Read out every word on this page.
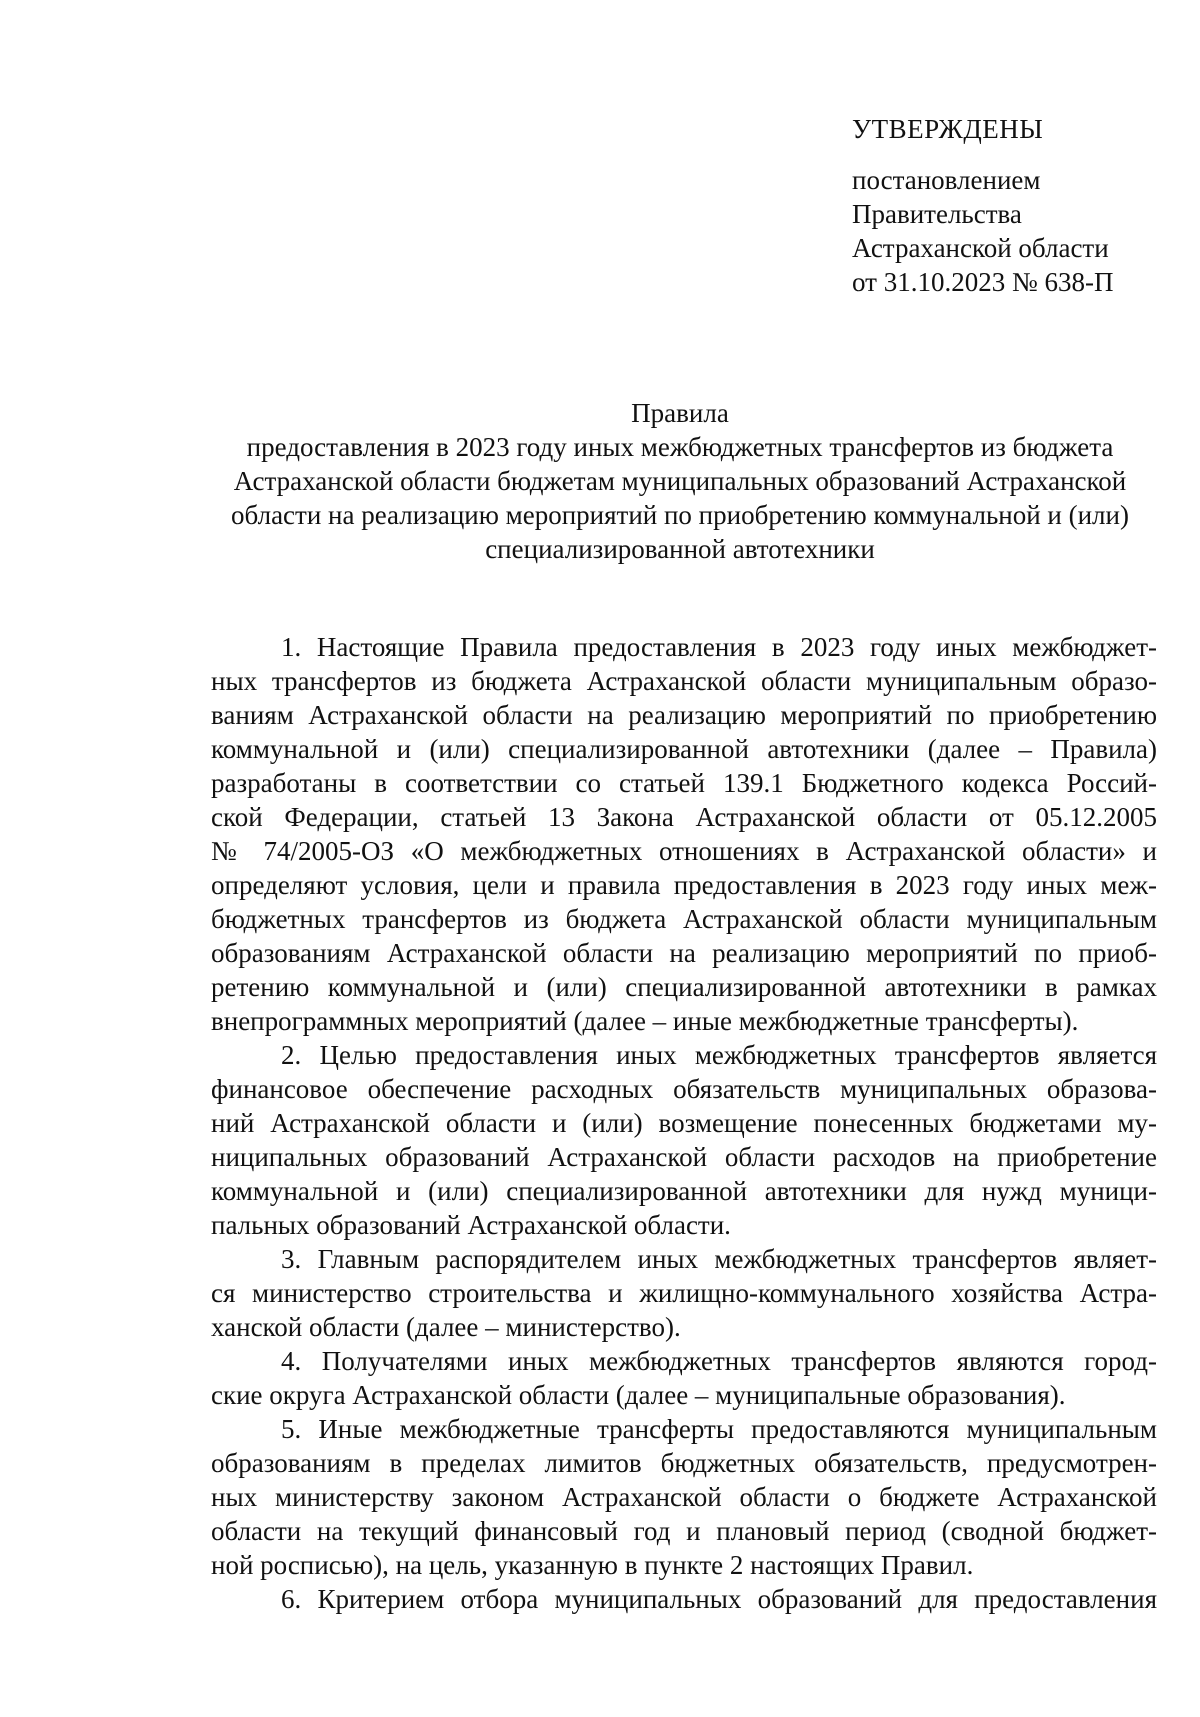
УТВЕРЖДЕНЫ
постановлением
Правительства
Астраханской области
от 31.10.2023 № 638-П
Правила
предоставления в 2023 году иных межбюджетных трансфертов из бюджета
Астраханской области бюджетам муниципальных образований Астраханской
области на реализацию мероприятий по приобретению коммунальной и (или)
специализированной автотехники
1. Настоящие Правила предоставления в 2023 году иных межбюджет-
ных трансфертов из бюджета Астраханской области муниципальным образо-
ваниям Астраханской области на реализацию мероприятий по приобретению
коммунальной и (или) специализированной автотехники (далее – Правила)
разработаны в соответствии со статьей 139.1 Бюджетного кодекса Россий-
ской Федерации, статьей 13 Закона Астраханской области от 05.12.2005
№ 74/2005-ОЗ «О межбюджетных отношениях в Астраханской области» и
определяют условия, цели и правила предоставления в 2023 году иных меж-
бюджетных трансфертов из бюджета Астраханской области муниципальным
образованиям Астраханской области на реализацию мероприятий по приоб-
ретению коммунальной и (или) специализированной автотехники в рамках
внепрограммных мероприятий (далее – иные межбюджетные трансферты).
2. Целью предоставления иных межбюджетных трансфертов является
финансовое обеспечение расходных обязательств муниципальных образова-
ний Астраханской области и (или) возмещение понесенных бюджетами му-
ниципальных образований Астраханской области расходов на приобретение
коммунальной и (или) специализированной автотехники для нужд муници-
пальных образований Астраханской области.
3. Главным распорядителем иных межбюджетных трансфертов являет-
ся министерство строительства и жилищно-коммунального хозяйства Астра-
ханской области (далее – министерство).
4. Получателями иных межбюджетных трансфертов являются город-
ские округа Астраханской области (далее – муниципальные образования).
5. Иные межбюджетные трансферты предоставляются муниципальным
образованиям в пределах лимитов бюджетных обязательств, предусмотрен-
ных министерству законом Астраханской области о бюджете Астраханской
области на текущий финансовый год и плановый период (сводной бюджет-
ной росписью), на цель, указанную в пункте 2 настоящих Правил.
6. Критерием отбора муниципальных образований для предоставления
